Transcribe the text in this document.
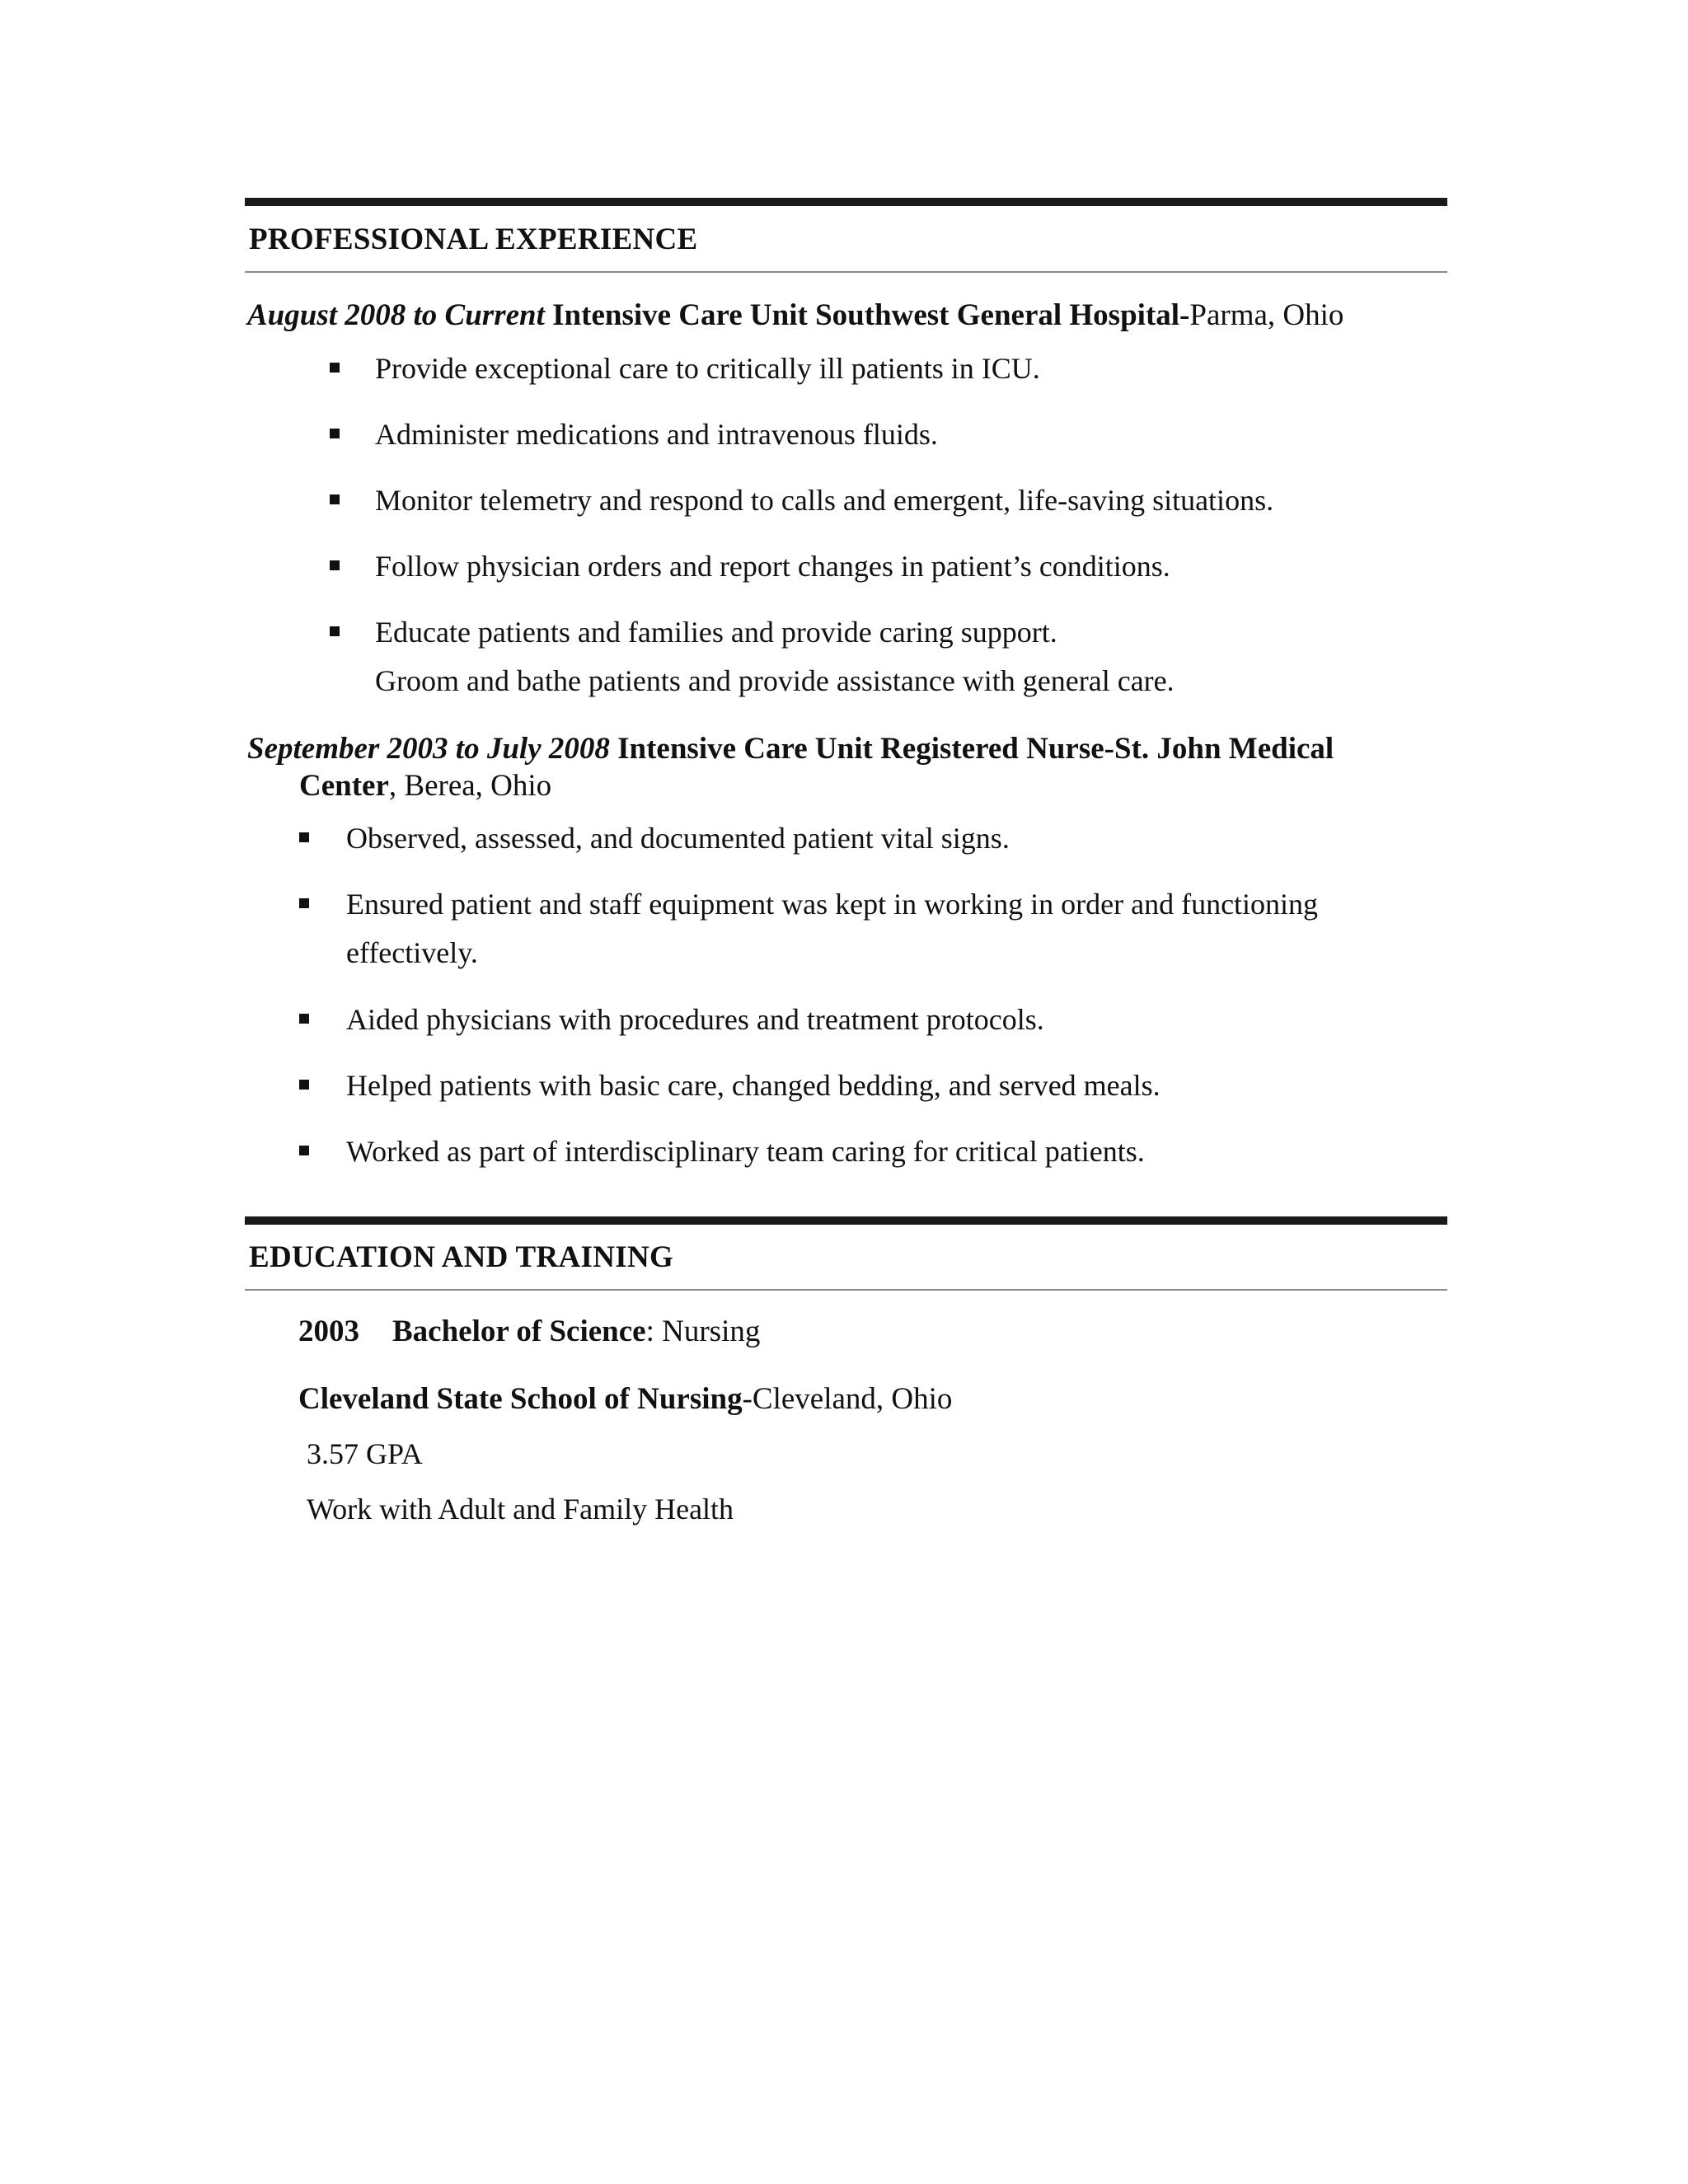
PROFESSIONAL EXPERIENCE
August 2008 to Current Intensive Care Unit Southwest General Hospital-Parma, Ohio
Provide exceptional care to critically ill patients in ICU.
Administer medications and intravenous fluids.
Monitor telemetry and respond to calls and emergent, life-saving situations.
Follow physician orders and report changes in patient’s conditions.
Educate patients and families and provide caring support.
Groom and bathe patients and provide assistance with general care.
September 2003 to July 2008 Intensive Care Unit Registered Nurse-St. John Medical
Center, Berea, Ohio
Observed, assessed, and documented patient vital signs.
Ensured patient and staff equipment was kept in working in order and functioning
effectively.
Aided physicians with procedures and treatment protocols.
Helped patients with basic care, changed bedding, and served meals.
Worked as part of interdisciplinary team caring for critical patients.
EDUCATION AND TRAINING
2003 Bachelor of Science: Nursing
Cleveland State School of Nursing-Cleveland, Ohio
3.57 GPA
Work with Adult and Family Health
